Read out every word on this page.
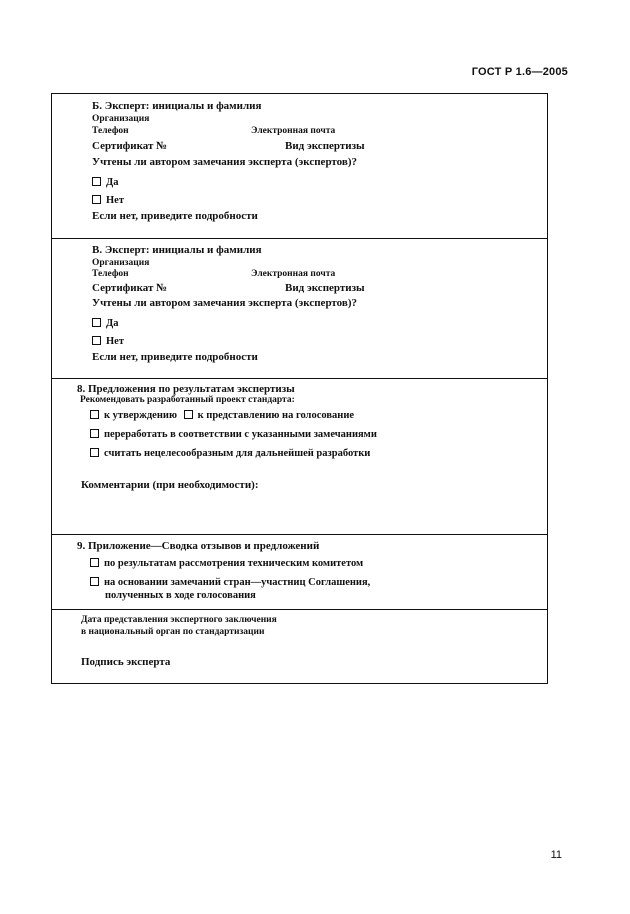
ГОСТ Р 1.6—2005
Б. Эксперт: инициалы и фамилия
Организация
Телефон	Электронная почта
Сертификат №	Вид экспертизы
Учтены ли автором замечания эксперта (экспертов)?
Да
Нет
Если нет, приведите подробности
В. Эксперт: инициалы и фамилия
Организация
Телефон	Электронная почта
Сертификат №	Вид экспертизы
Учтены ли автором замечания эксперта (экспертов)?
Да
Нет
Если нет, приведите подробности
8. Предложения по результатам экспертизы
Рекомендовать разработанный проект стандарта:
к утверждению к представлению на голосование
переработать в соответствии с указанными замечаниями
считать нецелесообразным для дальнейшей разработки
Комментарии (при необходимости):
9. Приложение—Сводка отзывов и предложений
по результатам рассмотрения техническим комитетом
на основании замечаний стран—участниц Соглашения,
полученных в ходе голосования
Дата представления экспертного заключения
в национальный орган по стандартизации
Подпись эксперта
11
